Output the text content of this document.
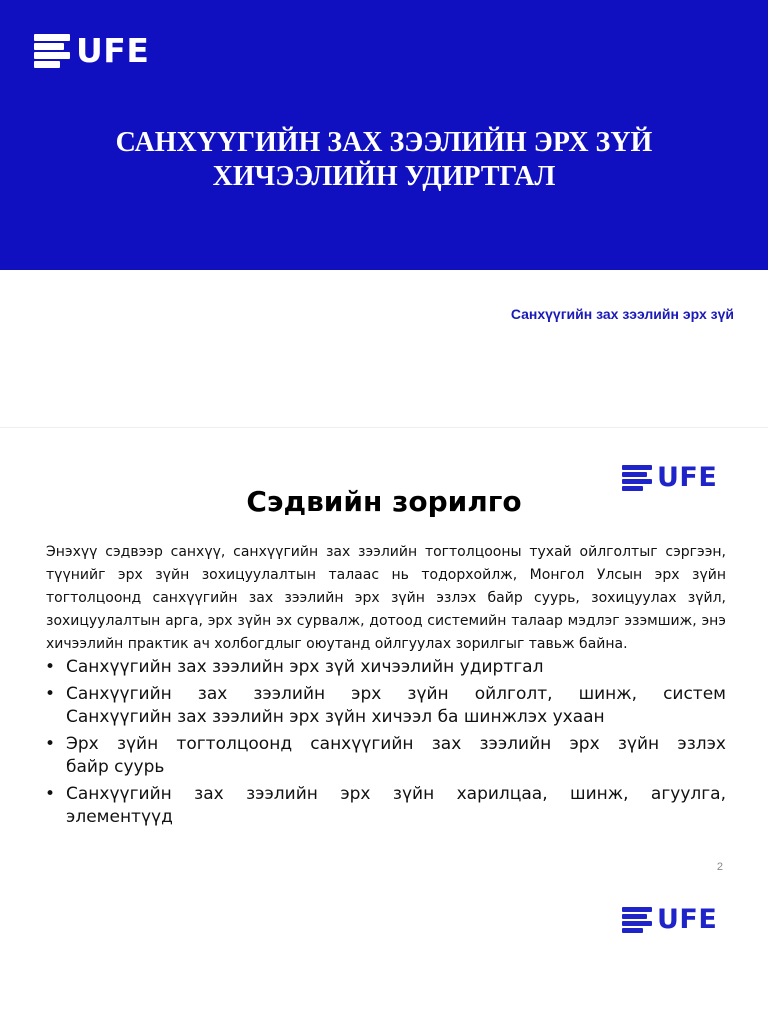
UFE
САНХҮҮГИЙН ЗАХ ЗЭЭЛИЙН ЭРХ ЗҮЙ
ХИЧЭЭЛИЙН УДИРТГАЛ
Санхүүгийн зах зээлийн эрх зүй
UFE
Сэдвийн зорилго

Энэхүү сэдвээр санхүү, санхүүгийн зах зээлийн тогтолцооны тухай ойлголтыг сэргээн, түүнийг эрх зүйн зохицуулалтын талаас нь тодорхойлж, Монгол Улсын эрх зүйн тогтолцоонд санхүүгийн зах зээлийн эрх зүйн эзлэх байр суурь, зохицуулах зүйл, зохицуулалтын арга, эрх зүйн эх сурвалж, дотоод системийн талаар мэдлэг эзэмшиж, энэ хичээлийн практик ач холбогдлыг оюутанд ойлгуулах зорилгыг тавьж байна.

• Санхүүгийн зах зээлийн эрх зүй хичээлийн удиртгал
• Санхүүгийн зах зээлийн эрх зүйн ойлголт, шинж, систем
Санхүүгийн зах зээлийн эрх зүйн хичээл ба шинжлэх ухаан
• Эрх зүйн тогтолцоонд санхүүгийн зах зээлийн эрх зүйн эзлэх
байр суурь
• Санхүүгийн зах зээлийн эрх зүйн харилцаа, шинж, агуулга,
элементүүд
2
UFE
